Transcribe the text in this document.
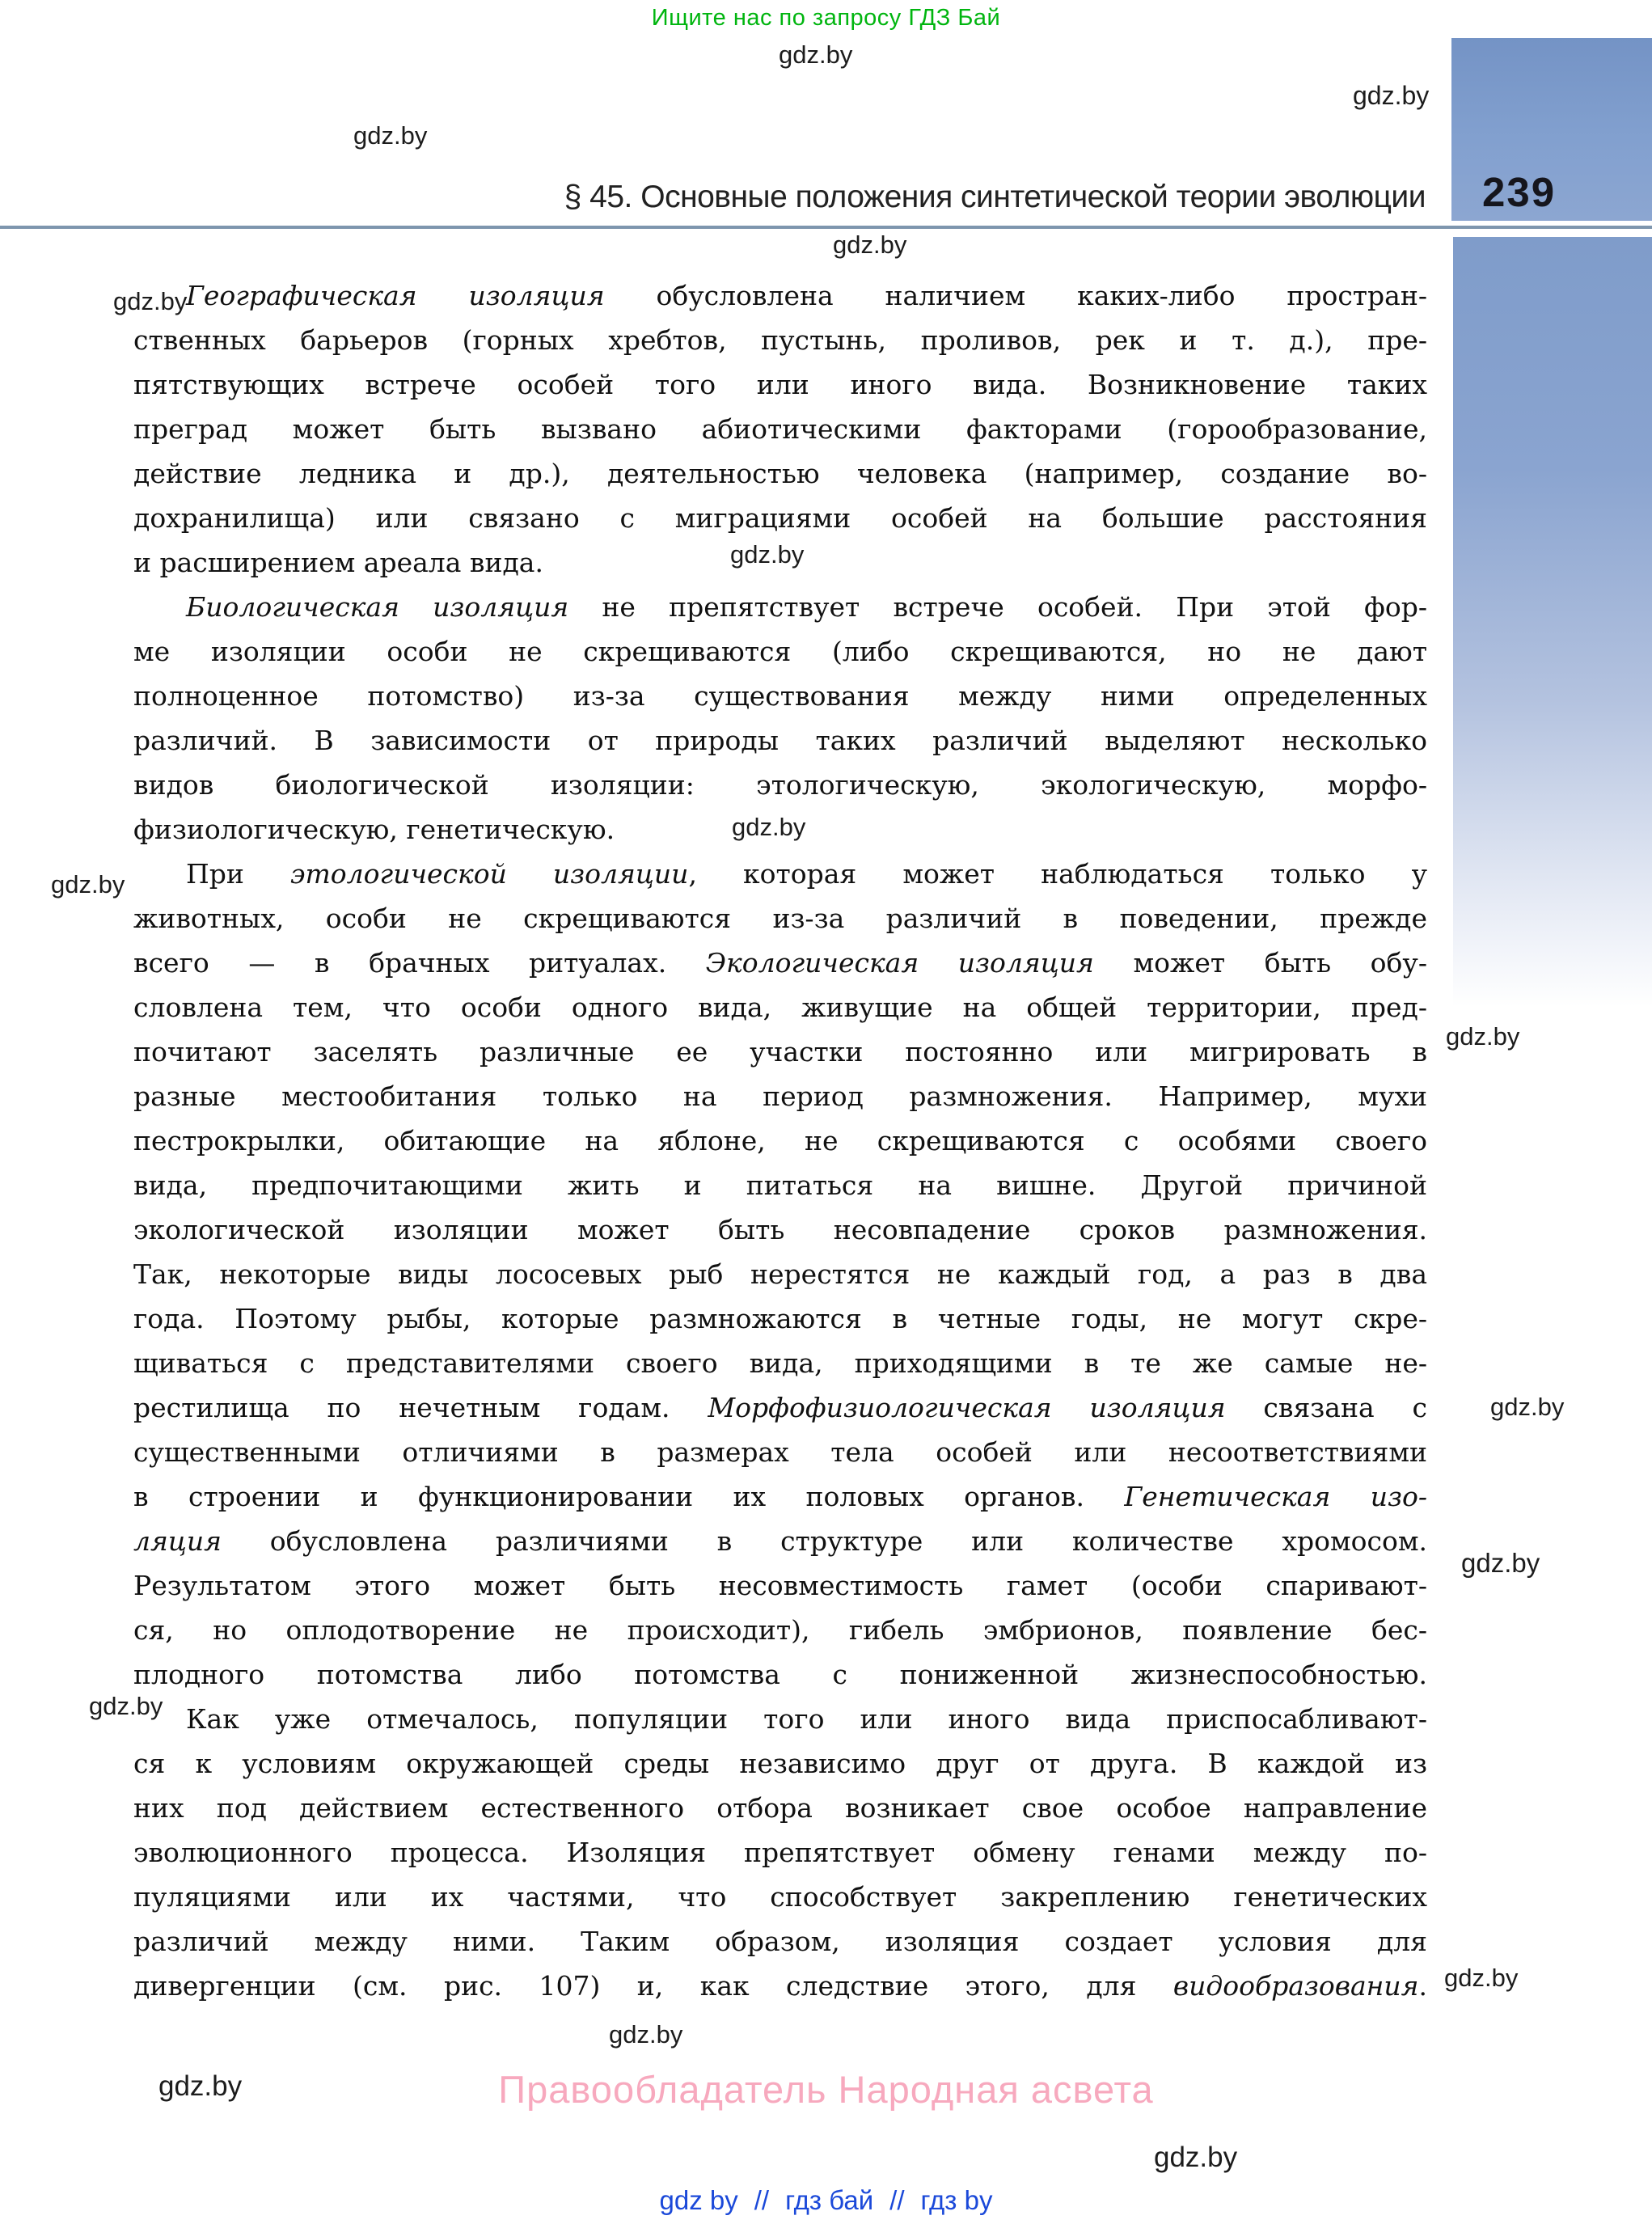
Ищите нас по запросу ГДЗ Бай
gdz.by
gdz.by
gdz.by
gdz.by
gdz.by
gdz.by
gdz.by
gdz.by
gdz.by
gdz.by
gdz.by
gdz.by
gdz.by
gdz.by
gdz.by
gdz.by
§ 45. Основные положения синтетической теории эволюции 239
Географическая изоляция обусловлена наличием каких-либо простран-
ственных барьеров (горных хребтов, пустынь, проливов, рек и т. д.), пре-
пятствующих встрече особей того или иного вида. Возникновение таких
преград может быть вызвано абиотическими факторами (горообразование,
действие ледника и др.), деятельностью человека (например, создание во-
дохранилища) или связано с миграциями особей на большие расстояния
и расширением ареала вида.
Биологическая изоляция не препятствует встрече особей. При этой фор-
ме изоляции особи не скрещиваются (либо скрещиваются, но не дают
полноценное потомство) из-за существования между ними определенных
различий. В зависимости от природы таких различий выделяют несколько
видов биологической изоляции: этологическую, экологическую, морфо-
физиологическую, генетическую.
При этологической изоляции, которая может наблюдаться только у
животных, особи не скрещиваются из-за различий в поведении, прежде
всего — в брачных ритуалах. Экологическая изоляция может быть обу-
словлена тем, что особи одного вида, живущие на общей территории, пред-
почитают заселять различные ее участки постоянно или мигрировать в
разные местообитания только на период размножения. Например, мухи
пестрокрылки, обитающие на яблоне, не скрещиваются с особями своего
вида, предпочитающими жить и питаться на вишне. Другой причиной
экологической изоляции может быть несовпадение сроков размножения.
Так, некоторые виды лососевых рыб нерестятся не каждый год, а раз в два
года. Поэтому рыбы, которые размножаются в четные годы, не могут скре-
щиваться с представителями своего вида, приходящими в те же самые не-
рестилища по нечетным годам. Морфофизиологическая изоляция связана с
существенными отличиями в размерах тела особей или несоответствиями
в строении и функционировании их половых органов. Генетическая изо-
ляция обусловлена различиями в структуре или количестве хромосом.
Результатом этого может быть несовместимость гамет (особи спаривают-
ся, но оплодотворение не происходит), гибель эмбрионов, появление бес-
плодного потомства либо потомства с пониженной жизнеспособностью.
Как уже отмечалось, популяции того или иного вида приспосабливают-
ся к условиям окружающей среды независимо друг от друга. В каждой из
них под действием естественного отбора возникает свое особое направление
эволюционного процесса. Изоляция препятствует обмену генами между по-
пуляциями или их частями, что способствует закреплению генетических
различий между ними. Таким образом, изоляция создает условия для
дивергенции (см. рис. 107) и, как следствие этого, для видообразования.
Правообладатель Народная асвета
gdz by // гдз бай // гдз by
